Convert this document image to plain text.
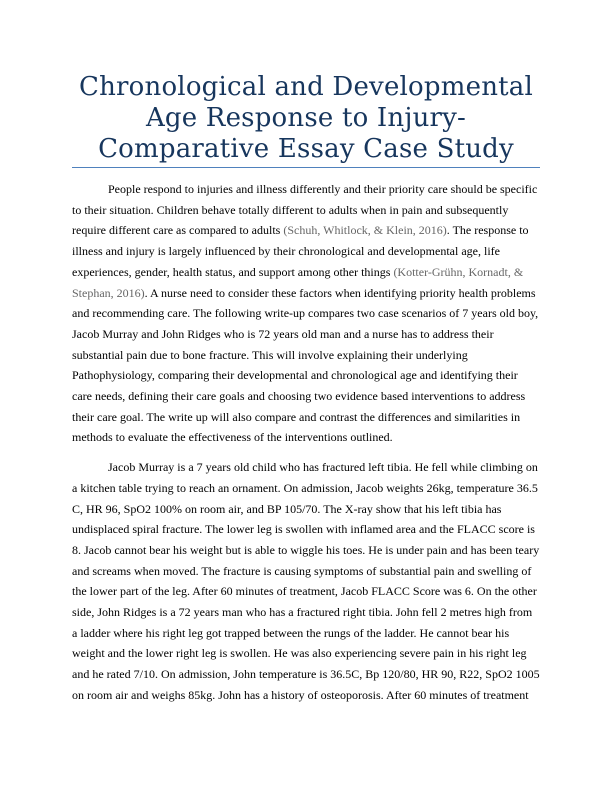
Chronological and Developmental Age Response to Injury-Comparative Essay Case Study

People respond to injuries and illness differently and their priority care should be specific to their situation. Children behave totally different to adults when in pain and subsequently require different care as compared to adults (Schuh, Whitlock, & Klein, 2016). The response to illness and injury is largely influenced by their chronological and developmental age, life experiences, gender, health status, and support among other things (Kotter-Grühn, Kornadt, & Stephan, 2016). A nurse need to consider these factors when identifying priority health problems and recommending care. The following write-up compares two case scenarios of 7 years old boy, Jacob Murray and John Ridges who is 72 years old man and a nurse has to address their substantial pain due to bone fracture. This will involve explaining their underlying Pathophysiology, comparing their developmental and chronological age and identifying their care needs, defining their care goals and choosing two evidence based interventions to address their care goal. The write up will also compare and contrast the differences and similarities in methods to evaluate the effectiveness of the interventions outlined.

Jacob Murray is a 7 years old child who has fractured left tibia. He fell while climbing on a kitchen table trying to reach an ornament. On admission, Jacob weights 26kg, temperature 36.5 C, HR 96, SpO2 100% on room air, and BP 105/70. The X-ray show that his left tibia has undisplaced spiral fracture. The lower leg is swollen with inflamed area and the FLACC score is 8. Jacob cannot bear his weight but is able to wiggle his toes. He is under pain and has been teary and screams when moved. The fracture is causing symptoms of substantial pain and swelling of the lower part of the leg. After 60 minutes of treatment, Jacob FLACC Score was 6. On the other side, John Ridges is a 72 years man who has a fractured right tibia. John fell 2 metres high from a ladder where his right leg got trapped between the rungs of the ladder. He cannot bear his weight and the lower right leg is swollen. He was also experiencing severe pain in his right leg and he rated 7/10. On admission, John temperature is 36.5C, Bp 120/80, HR 90, R22, SpO2 1005 on room air and weighs 85kg. John has a history of osteoporosis. After 60 minutes of treatment
